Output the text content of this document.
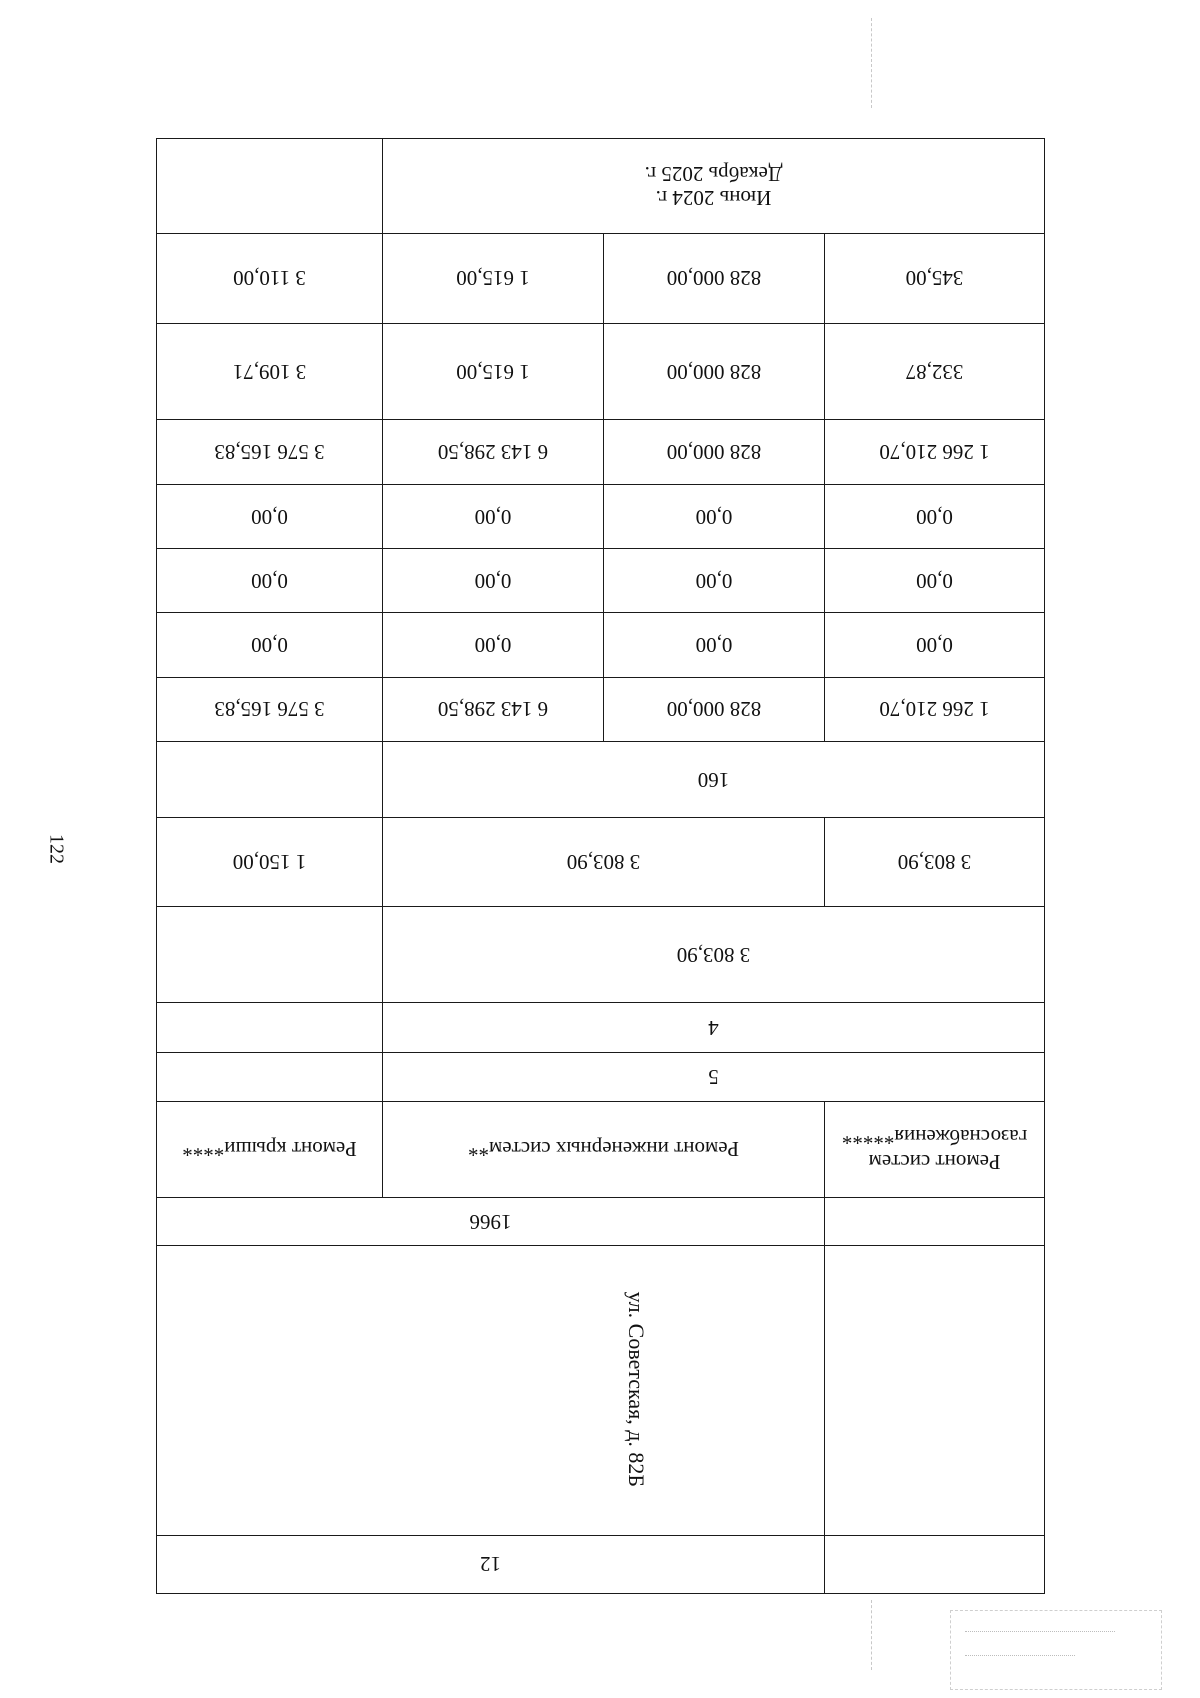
122
	12		
	ул. Советская, д. 82Б		
	1966		
Ремонт систем газоснабжения*****	Ремонт инженерных систем**		Ремонт крыши****
5			
4			
3 803,90			
3 803,90	3 803,90		1 150,00
160			
1 266 210,70	828 000,00	6 143 298,50	3 576 165,83
0,00	0,00	0,00	0,00
0,00	0,00	0,00	0,00
0,00	0,00	0,00	0,00
1 266 210,70	828 000,00	6 143 298,50	3 576 165,83
332,87	828 000,00	1 615,00	3 109,71
345,00	828 000,00	1 615,00	3 110,00

Июнь 2024 г.
Декабрь 2025 г.			
